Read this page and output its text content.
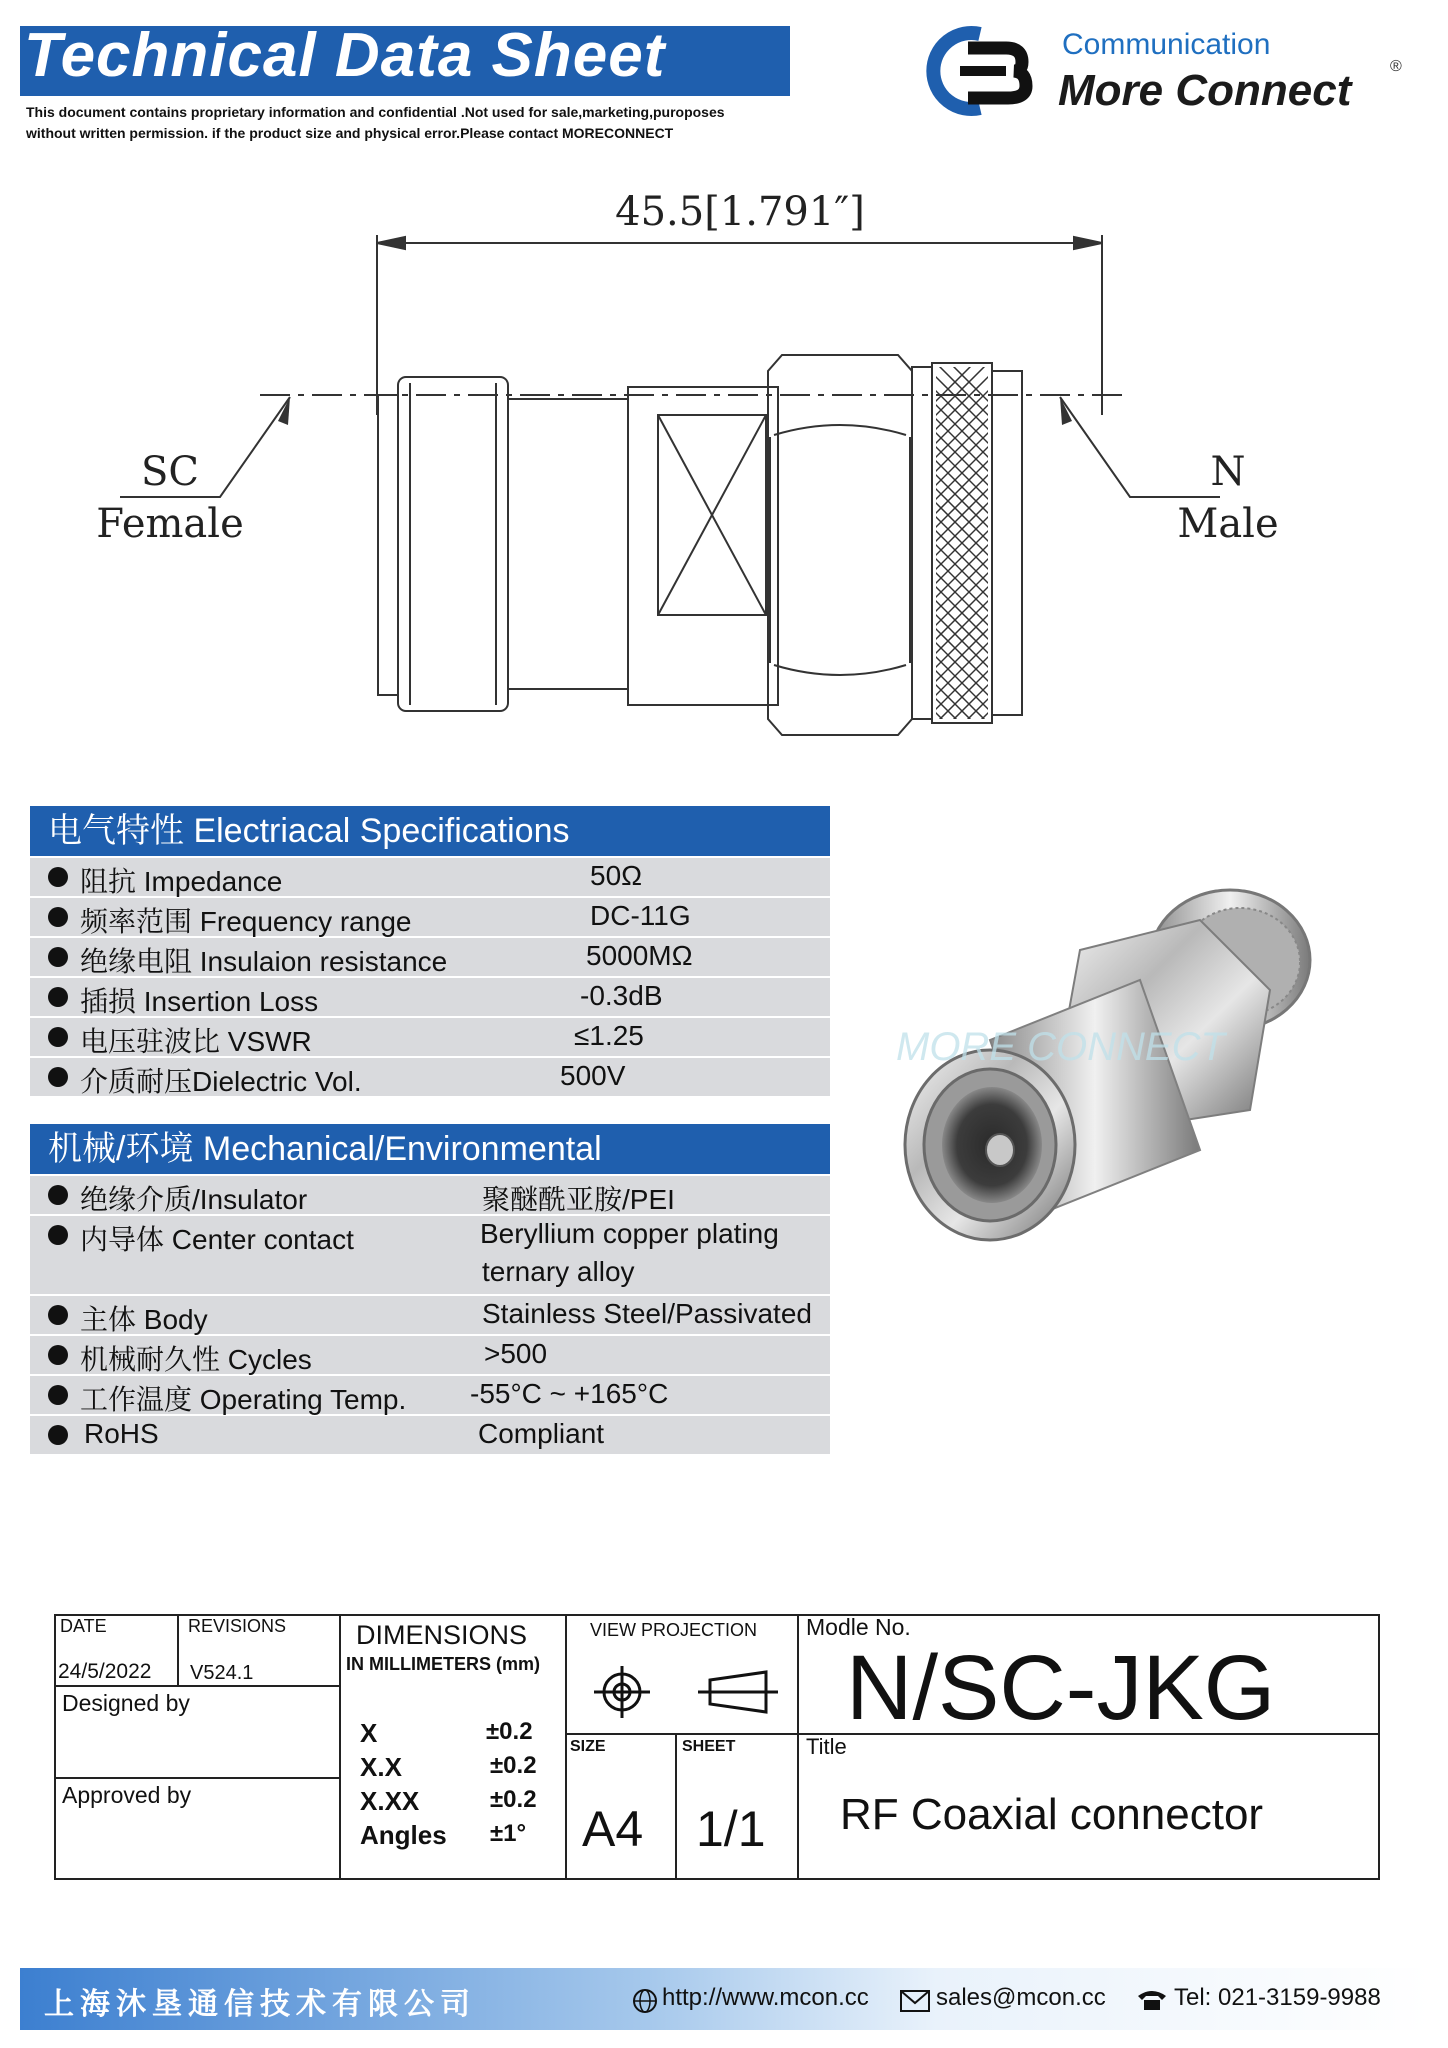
Technical Data Sheet
This document contains proprietary information and confidential .Not used for sale,marketing,puroposes
without written permission. if the product size and physical error.Please contact MORECONNECT
Communication
More Connect ®
45.5[1.791″]
SC
Female
N
Male
电气特性 Electriacal Specifications
阻抗 Impedance	50Ω
频率范围 Frequency range	DC-11G
绝缘电阻 Insulaion resistance	5000MΩ
插损 Insertion Loss	-0.3dB
电压驻波比 VSWR	≤1.25
介质耐压Dielectric Vol.	500V
机械/环境 Mechanical/Environmental
绝缘介质/Insulator	聚醚酰亚胺/PEI
内导体 Center contact	Beryllium copper plating
ternary alloy
主体 Body	Stainless Steel/Passivated
机械耐久性 Cycles	>500
工作温度 Operating Temp. -55°C ~ +165°C
RoHS	Compliant
MORE CONNECT
DATE
24/5/2022
REVISIONS
V524.1
Designed by
Approved by
DIMENSIONS
IN MILLIMETERS (mm)
X	±0.2
X.X	±0.2
X.XX	±0.2
Angles ±1°
VIEW PROJECTION
SIZE
A4
SHEET
1/1
Modle No.
N/SC-JKG
Title
RF Coaxial connector
上海沐垦通信技术有限公司	http://www.mcon.cc	sales@mcon.cc	Tel: 021-3159-9988
